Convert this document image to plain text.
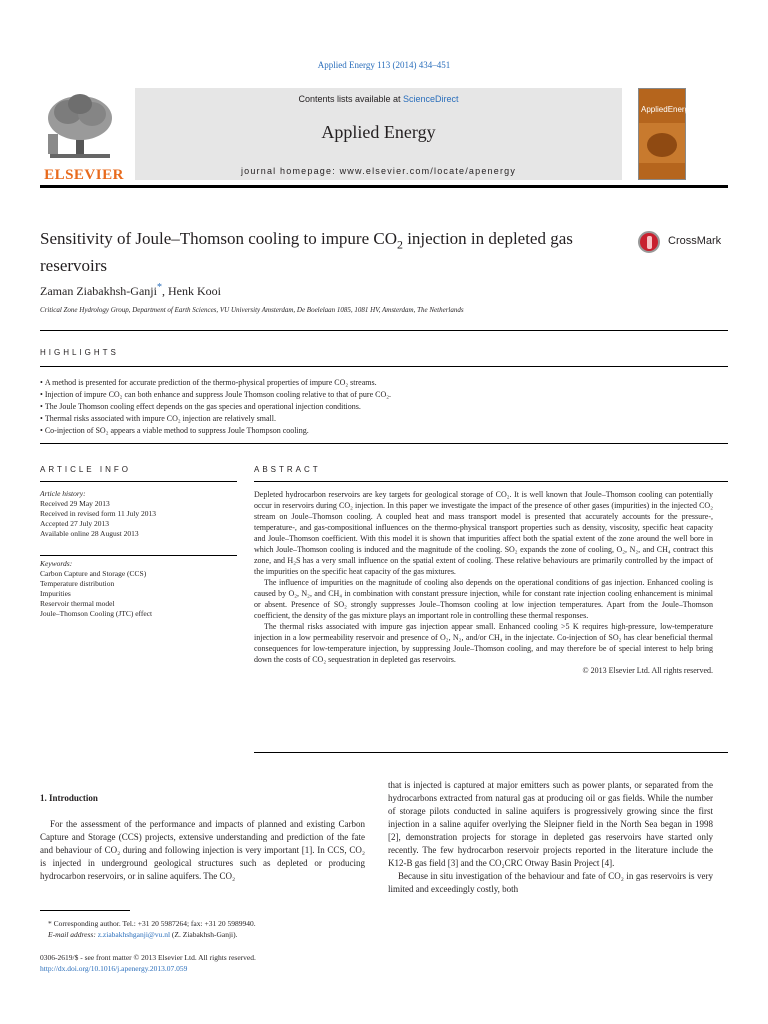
Applied Energy 113 (2014) 434–451
ELSEVIER
Contents lists available at ScienceDirect
Applied Energy
journal homepage: www.elsevier.com/locate/apenergy
AppliedEnergy
Sensitivity of Joule–Thomson cooling to impure $CO_2$ injection in depleted gas reservoirs
CrossMark
Zaman Ziabakhsh-Ganji*, Henk Kooi
Critical Zone Hydrology Group, Department of Earth Sciences, VU University Amsterdam, De Boelelaan 1085, 1081 HV, Amsterdam, The Netherlands
HIGHLIGHTS
• A method is presented for accurate prediction of the thermo-physical properties of impure CO₂ streams.
• Injection of impure CO₂ can both enhance and suppress Joule Thomson cooling relative to that of pure CO₂.
• The Joule Thomson cooling effect depends on the gas species and operational injection conditions.
• Thermal risks associated with impure CO₂ injection are relatively small.
• Co-injection of SO₂ appears a viable method to suppress Joule Thompson cooling.
ARTICLE INFO	ABSTRACT
Article history:
Received 29 May 2013
Received in revised form 11 July 2013
Accepted 27 July 2013
Available online 28 August 2013
Keywords:
Carbon Capture and Storage (CCS)
Temperature distribution
Impurities
Reservoir thermal model
Joule–Thomson Cooling (JTC) effect

Depleted hydrocarbon reservoirs are key targets for geological storage of CO₂. It is well known that Joule–Thomson cooling can potentially occur in reservoirs during CO₂ injection. In this paper we investigate the impact of the presence of other gases (impurities) in the injected CO₂ stream on Joule–Thomson cooling. A coupled heat and mass transport model is presented that accurately accounts for the pressure-, temperature-, and gas-compositional influences on the thermo-physical transport properties such as density, viscosity, specific heat capacity and Joule–Thomson coefficient. With this model it is shown that impurities affect both the spatial extent of the zone around the well bore in which Joule–Thomson cooling is induced and the magnitude of the cooling. SO₂ expands the zone of cooling, O₂, N₂, and CH₄ contract this zone, and H₂S has a very small influence on the spatial extent of cooling. These relative behaviours are primarily controlled by the impact of the impurities on the specific heat capacity of the gas mixtures.

The influence of impurities on the magnitude of cooling also depends on the operational conditions of gas injection. Enhanced cooling is caused by O₂, N₂, and CH₄ in combination with constant pressure injection, while for constant rate injection cooling enhancement is minimal or absent. Presence of SO₂ strongly suppresses Joule–Thomson cooling at low injection temperatures. Apart from the Joule–Thomson coefficient, the density of the gas mixture plays an important role in controlling these thermal responses.

The thermal risks associated with impure gas injection appear small. Enhanced cooling >5 K requires high-pressure, low-temperature injection in a low permeability reservoir and presence of O₂, N₂, and/or CH₄ in the injectate. Co-injection of SO₂ has clear beneficial thermal consequences for low-temperature injection, by suppressing Joule–Thomson cooling, and may therefore be of special interest to help bring down the costs of CO₂ sequestration in depleted gas reservoirs.

© 2013 Elsevier Ltd. All rights reserved.

1. Introduction
For the assessment of the performance and impacts of planned and existing Carbon Capture and Storage (CCS) projects, extensive understanding and prediction of the fate and behaviour of CO₂ during and following injection is very important [1]. In CCS, CO₂ is injected in underground geological structures such as depleted or producing hydrocarbon reservoirs, or in saline aquifers. The CO₂

that is injected is captured at major emitters such as power plants, or separated from the hydrocarbons extracted from natural gas at producing oil or gas fields. While the number of storage pilots conducted in saline aquifers is progressively growing since the first injection in a saline aquifer overlying the Sleipner field in the North Sea began in 1998 [2], demonstration projects for storage in depleted gas reservoirs have started only recently. The few hydrocarbon reservoir projects reported in the literature include the K12-B gas field [3] and the CO₂CRC Otway Basin Project [4].

Because in situ investigation of the behaviour and fate of CO₂ in gas reservoirs is very limited and exceedingly costly, both

* Corresponding author. Tel.: +31 20 5987264; fax: +31 20 5989940.
E-mail address: z.ziabakhshganji@vu.nl (Z. Ziabakhsh-Ganji).
0306-2619/$ - see front matter © 2013 Elsevier Ltd. All rights reserved.
http://dx.doi.org/10.1016/j.apenergy.2013.07.059
